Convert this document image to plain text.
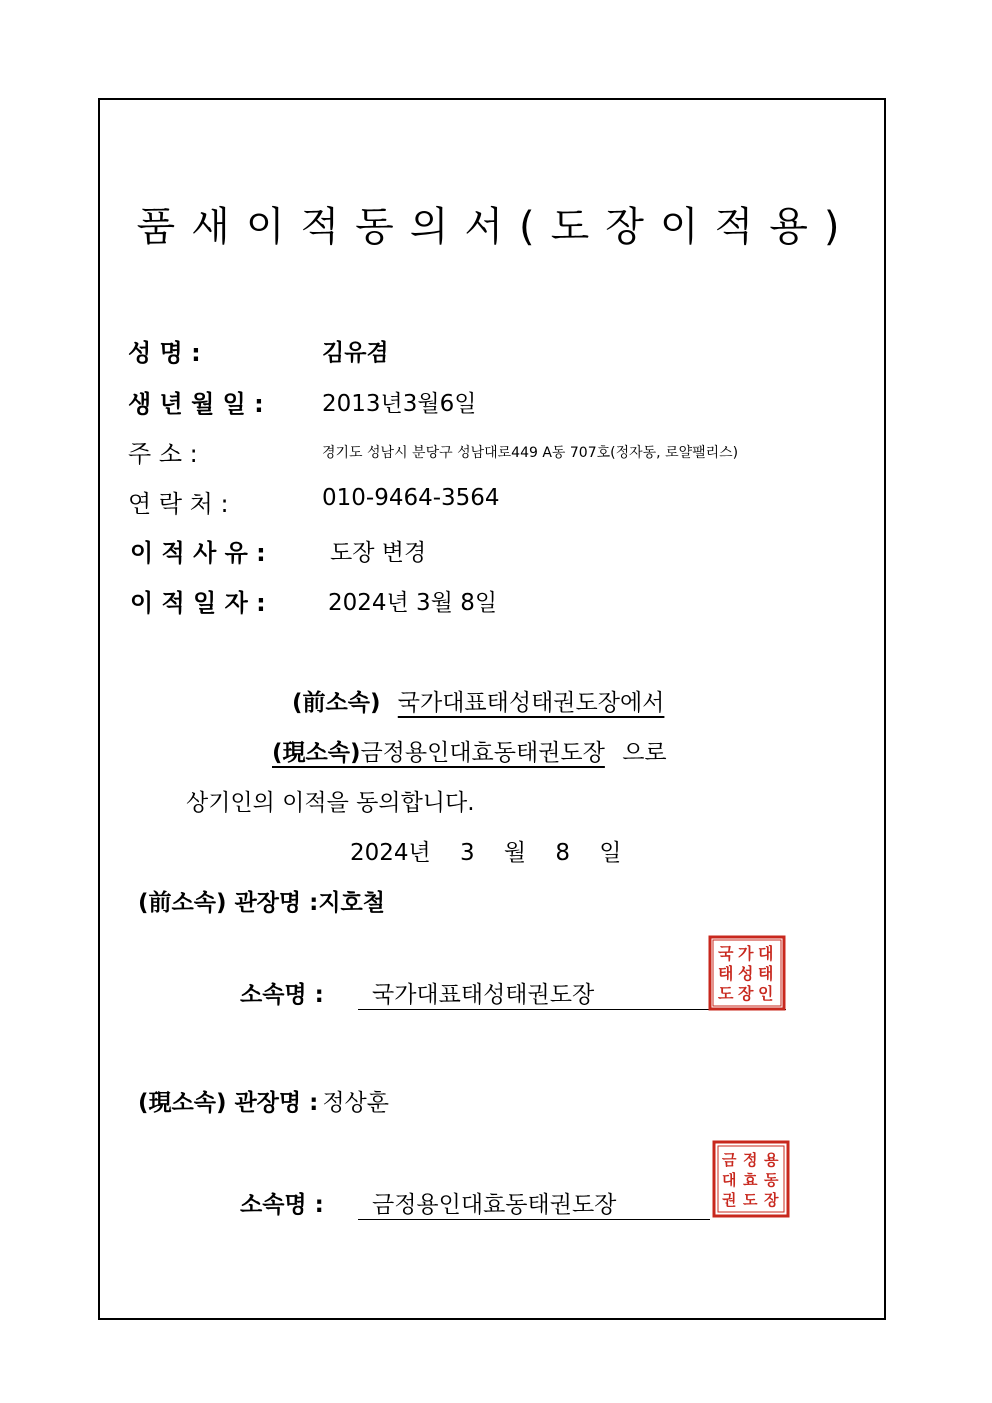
품새이적동의서(도장이적용)
성 명 :	김유겸
생 년 월 일 :	2013년3월6일
주 소 :	경기도 성남시 분당구 성남대로449 A동 707호(정자동, 로얄팰리스)
연 락 처 :	010-9464-3564
이 적 사 유 :	도장 변경
이 적 일 자 :	2024년 3월 8일
(前소속) 국가대표태성태권도장에서
(現소속)금정용인대효동태권도장 으로
상기인의 이적을 동의합니다.
2024년    3    월    8    일
(前소속) 관장명 :지호철
소속명 : 국가대표태성태권도장
국
태
도
가
성
장
대
태
인
(現소속) 관장명 : 정상훈
소속명 : 금정용인대효동태권도장
금
대
권
정
효
도
용
동
장
